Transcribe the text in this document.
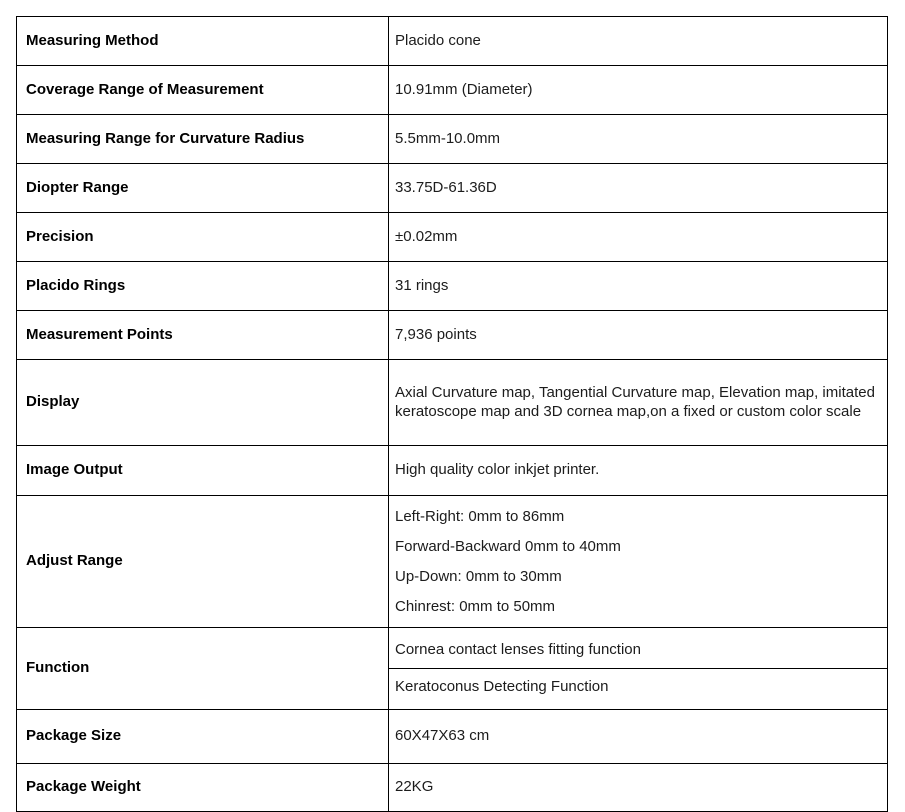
Measuring Method	Placido cone
Coverage Range of Measurement	10.91mm (Diameter)
Measuring Range for Curvature Radius	5.5mm-10.0mm
Diopter Range	33.75D-61.36D
Precision	±0.02mm
Placido Rings	31 rings
Measurement Points	7,936 points
Display	Axial Curvature map, Tangential Curvature map, Elevation map, imitated keratoscope map and 3D cornea map,on a fixed or custom color scale
Image Output	High quality color inkjet printer.
Adjust Range	Left-Right: 0mm to 86mm
Forward-Backward 0mm to 40mm
Up-Down: 0mm to 30mm
Chinrest: 0mm to 50mm

Function	Cornea contact lenses fitting function
Keratoconus Detecting Function

Package Size	60X47X63 cm
Package Weight	22KG
